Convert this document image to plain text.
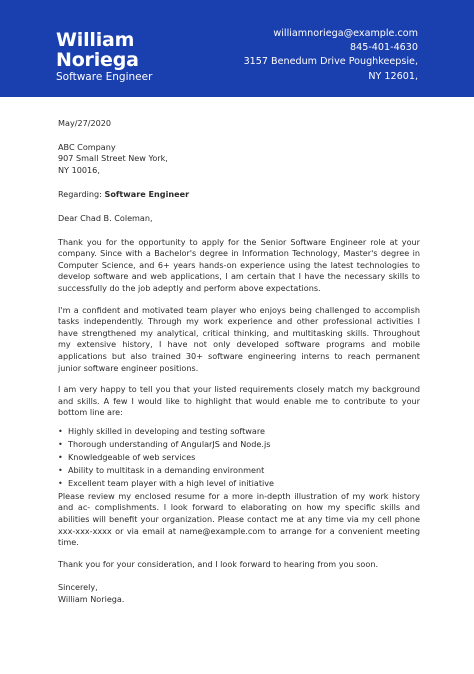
William
Noriega
Software Engineer
williamnoriega@example.com
845-401-4630
3157 Benedum Drive Poughkeepsie,
NY 12601,
May/27/2020
ABC Company
907 Small Street New York,
NY 10016,
Regarding: Software Engineer
Dear Chad B. Coleman,

Thank you for the opportunity to apply for the Senior Software Engineer role at your company. Since with a Bachelor's degree in Information Technology, Master's degree in Computer Science, and 6+ years hands-on experience using the latest technologies to develop software and web applications, I am certain that I have the necessary skills to successfully do the job adeptly and perform above expectations.

I'm a confident and motivated team player who enjoys being challenged to accomplish tasks independently. Through my work experience and other professional activities I have strengthened my analytical, critical thinking, and multitasking skills. Throughout my extensive history, I have not only developed software programs and mobile applications but also trained 30+ software engineering interns to reach permanent junior software engineer positions.

I am very happy to tell you that your listed requirements closely match my background and skills. A few I would like to highlight that would enable me to contribute to your bottom line are:

• Highly skilled in developing and testing software
• Thorough understanding of AngularJS and Node.js
• Knowledgeable of web services
• Ability to multitask in a demanding environment
• Excellent team player with a high level of initiative

Please review my enclosed resume for a more in-depth illustration of my work history and ac- complishments. I look forward to elaborating on how my specific skills and abilities will benefit your organization. Please contact me at any time via my cell phone xxx-xxx-xxxx or via email at name@example.com to arrange for a convenient meeting time.

Thank you for your consideration, and I look forward to hearing from you soon.

Sincerely,
William Noriega.
